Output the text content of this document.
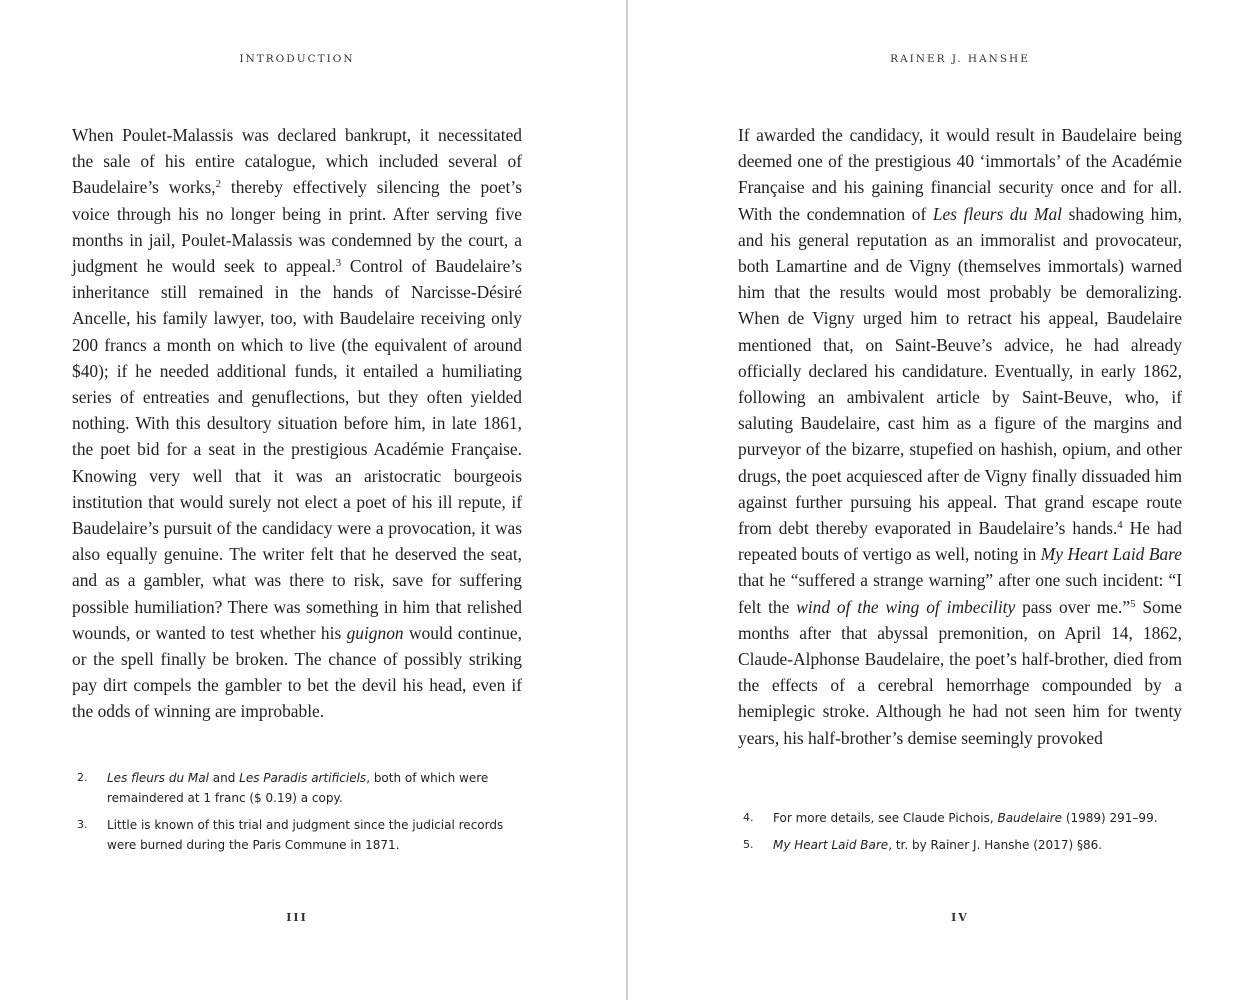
INTRODUCTION

When Poulet-Malassis was declared bankrupt, it necessitated the sale of his entire catalogue, which included several of Baudelaire’s works,$^2$ thereby effectively silencing the poet’s voice through his no longer being in print. After serving five months in jail, Poulet-Malassis was condemned by the court, a judgment he would seek to appeal.$^3$ Control of Baudelaire’s inheritance still remained in the hands of Narcisse-Désiré Ancelle, his family lawyer, too, with Baudelaire receiving only 200 francs a month on which to live (the equivalent of around $40); if he needed additional funds, it entailed a humiliating series of entreaties and genuflections, but they often yielded nothing. With this desultory situation before him, in late 1861, the poet bid for a seat in the prestigious Académie Française. Knowing very well that it was an aristocratic bourgeois institution that would surely not elect a poet of his ill repute, if Baudelaire’s pursuit of the candidacy were a provocation, it was also equally genuine. The writer felt that he deserved the seat, and as a gambler, what was there to risk, save for suffering possible humiliation? There was something in him that relished wounds, or wanted to test whether his guignon would continue, or the spell finally be broken. The chance of possibly striking pay dirt compels the gambler to bet the devil his head, even if the odds of winning are improbable.

2.	Les fleurs du Mal and Les Paradis artificiels, both of which were remaindered at 1 franc ($ 0.19) a copy.
3.	Little is known of this trial and judgment since the judicial records were burned during the Paris Commune in 1871.
III
RAINER J. HANSHE

If awarded the candidacy, it would result in Baudelaire being deemed one of the prestigious 40 ‘immortals’ of the Académie Française and his gaining financial security once and for all. With the condemnation of Les fleurs du Mal shadowing him, and his general reputation as an immoralist and provocateur, both Lamartine and de Vigny (themselves immortals) warned him that the results would most probably be demoralizing. When de Vigny urged him to retract his appeal, Baudelaire mentioned that, on Saint-Beuve’s advice, he had already officially declared his candidature. Eventually, in early 1862, following an ambivalent article by Saint-Beuve, who, if saluting Baudelaire, cast him as a figure of the margins and purveyor of the bizarre, stupefied on hashish, opium, and other drugs, the poet acquiesced after de Vigny finally dissuaded him against further pursuing his appeal. That grand escape route from debt thereby evaporated in Baudelaire’s hands.$^4$ He had repeated bouts of vertigo as well, noting in My Heart Laid Bare that he “suffered a strange warning” after one such incident: “I felt the wind of the wing of imbecility pass over me.”$^5$ Some months after that abyssal premonition, on April 14, 1862, Claude-Alphonse Baudelaire, the poet’s half-brother, died from the effects of a cerebral hemorrhage compounded by a hemiplegic stroke. Although he had not seen him for twenty years, his half-brother’s demise seemingly provoked

4.	For more details, see Claude Pichois, Baudelaire (1989) 291–99.
5.	My Heart Laid Bare, tr. by Rainer J. Hanshe (2017) §86.
IV
